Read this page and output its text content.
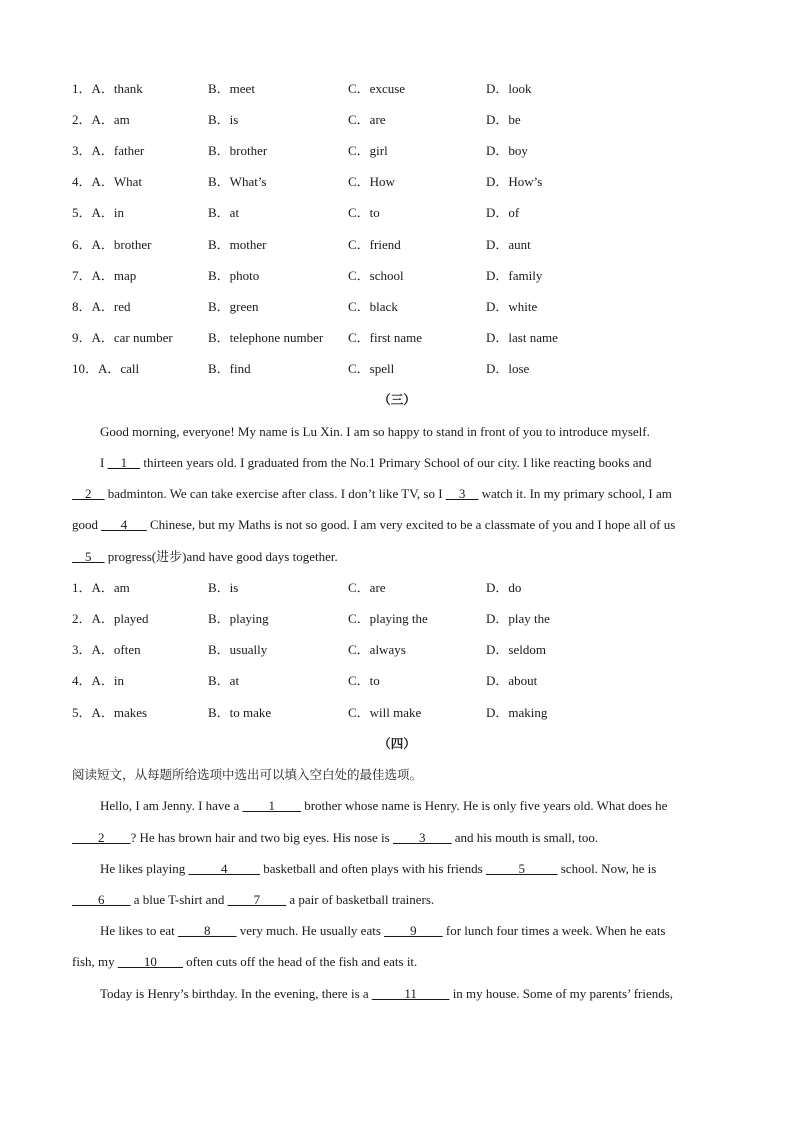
1．A．thank	B．meet	C．excuse	D．look
2．A．am	B．is	C．are	D．be
3．A．father	B．brother	C．girl	D．boy
4．A．What	B．What’s	C．How	D．How’s
5．A．in	B．at	C．to	D．of
6．A．brother	B．mother	C．friend	D．aunt
7．A．map	B．photo	C．school	D．family
8．A．red	B．green	C．black	D．white
9．A．car number	B．telephone number C．first name	D．last name
10．A．call	B．find	C．spell	D．lose
（三）
Good morning, everyone! My name is Lu Xin. I am so happy to stand in front of you to introduce myself.
I __1__ thirteen years old. I graduated from the No.1 Primary School of our city. I like reacting books and
__2__ badminton. We can take exercise after class. I don’t like TV, so I __3__ watch it. In my primary school, I am
good ___4___ Chinese, but my Maths is not so good. I am very excited to be a classmate of you and I hope all of us
__5__ progress(进步)and have good days together.
1．A．am	B．is	C．are	D．do
2．A．played	B．playing	C．playing the	D．play the
3．A．often	B．usually	C．always	D．seldom
4．A．in	B．at	C．to	D．about
5．A．makes	B．to make	C．will make	D．making
（四）
阅读短文，从每题所给选项中选出可以填入空白处的最佳选项。
Hello, I am Jenny. I have a ____1____ brother whose name is Henry. He is only five years old. What does he
____2____? He has brown hair and two big eyes. His nose is ____3____ and his mouth is small, too.
He likes playing _____4_____ basketball and often plays with his friends _____5_____ school. Now, he is
____6____ a blue T-shirt and ____7____ a pair of basketball trainers.
He likes to eat ____8____ very much. He usually eats ____9____ for lunch four times a week. When he eats
fish, my ____10____ often cuts off the head of the fish and eats it.
Today is Henry’s birthday. In the evening, there is a _____11_____ in my house. Some of my parents’ friends,
